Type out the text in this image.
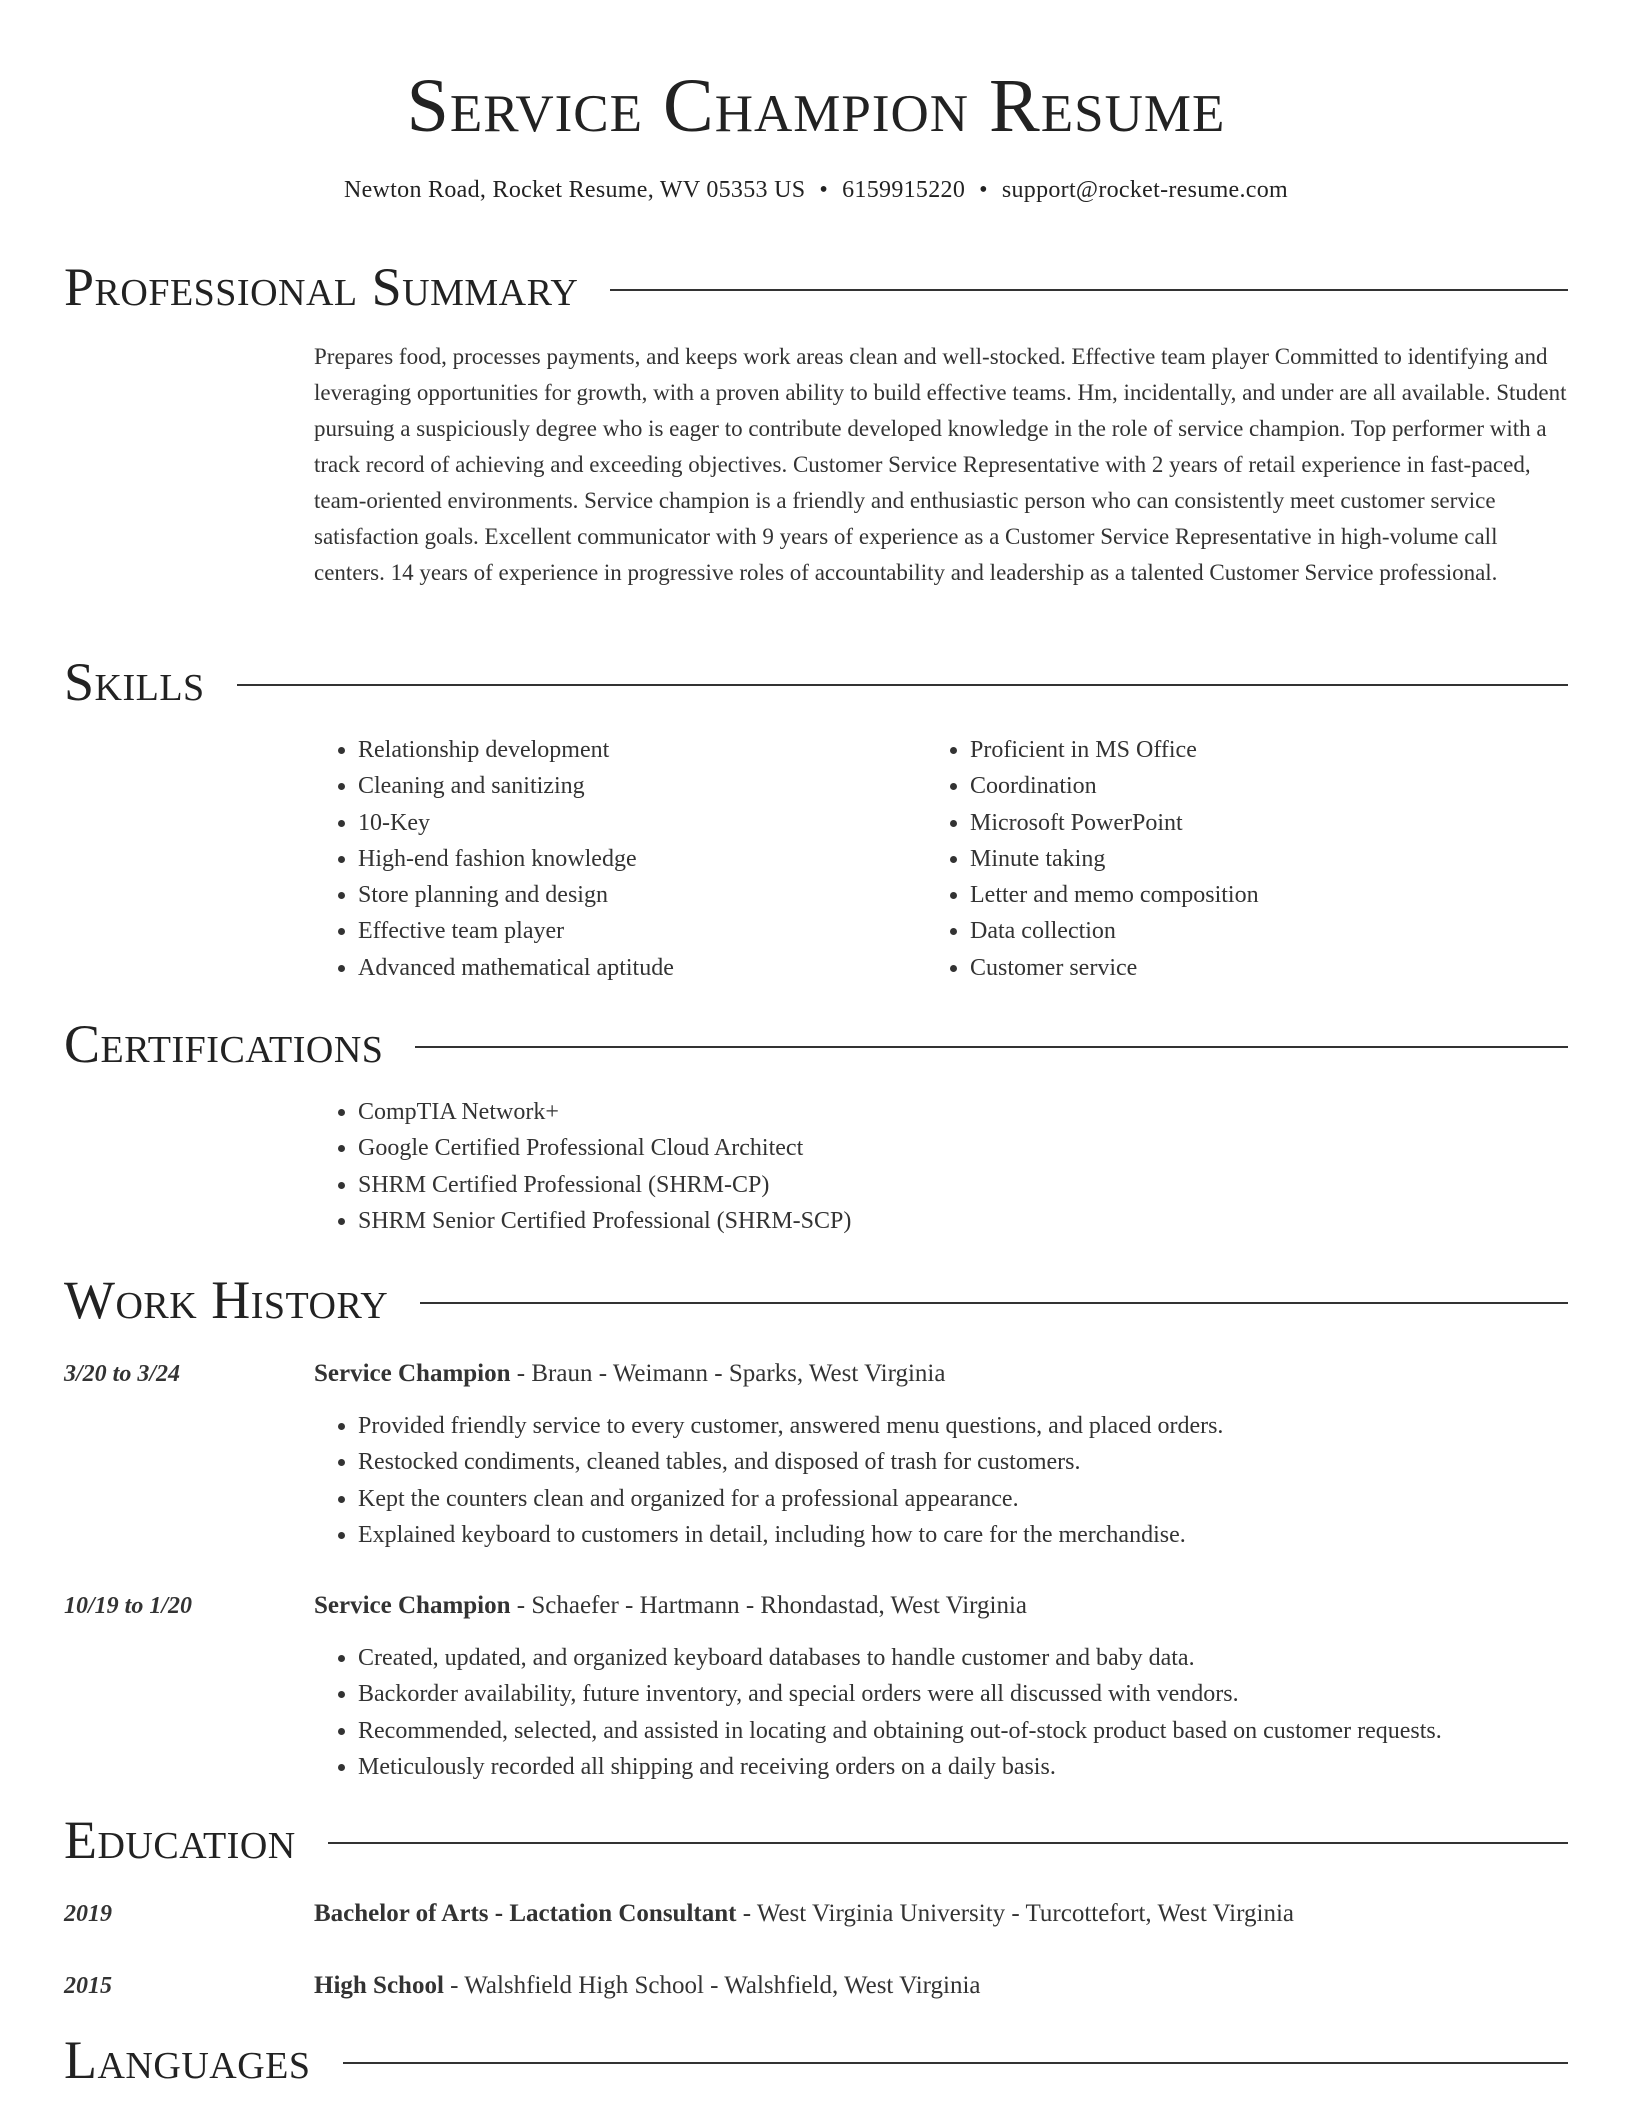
Service Champion Resume
Newton Road, Rocket Resume, WV 05353 US • 6159915220 • support@rocket-resume.com
Professional Summary

Prepares food, processes payments, and keeps work areas clean and well-stocked. Effective team player Committed to identifying and leveraging opportunities for growth, with a proven ability to build effective teams. Hm, incidentally, and under are all available. Student pursuing a suspiciously degree who is eager to contribute developed knowledge in the role of service champion. Top performer with a track record of achieving and exceeding objectives. Customer Service Representative with 2 years of retail experience in fast-paced, team-oriented environments. Service champion is a friendly and enthusiastic person who can consistently meet customer service satisfaction goals. Excellent communicator with 9 years of experience as a Customer Service Representative in high-volume call centers. 14 years of experience in progressive roles of accountability and leadership as a talented Customer Service professional.

Skills
• Relationship development
• Cleaning and sanitizing
• 10-Key
• High-end fashion knowledge
• Store planning and design
• Effective team player
• Advanced mathematical aptitude
• Proficient in MS Office
• Coordination
• Microsoft PowerPoint
• Minute taking
• Letter and memo composition
• Data collection
• Customer service
Certifications
• CompTIA Network+
• Google Certified Professional Cloud Architect
• SHRM Certified Professional (SHRM-CP)
• SHRM Senior Certified Professional (SHRM-SCP)
Work History
3/20 to 3/24	Service Champion - Braun - Weimann - Sparks, West Virginia
• Provided friendly service to every customer, answered menu questions, and placed orders.
• Restocked condiments, cleaned tables, and disposed of trash for customers.
• Kept the counters clean and organized for a professional appearance.
• Explained keyboard to customers in detail, including how to care for the merchandise.
10/19 to 1/20	Service Champion - Schaefer - Hartmann - Rhondastad, West Virginia
• Created, updated, and organized keyboard databases to handle customer and baby data.
• Backorder availability, future inventory, and special orders were all discussed with vendors.
• Recommended, selected, and assisted in locating and obtaining out-of-stock product based on customer requests.
• Meticulously recorded all shipping and receiving orders on a daily basis.
Education
2019	Bachelor of Arts - Lactation Consultant - West Virginia University - Turcottefort, West Virginia
2015	High School - Walshfield High School - Walshfield, West Virginia
Languages
